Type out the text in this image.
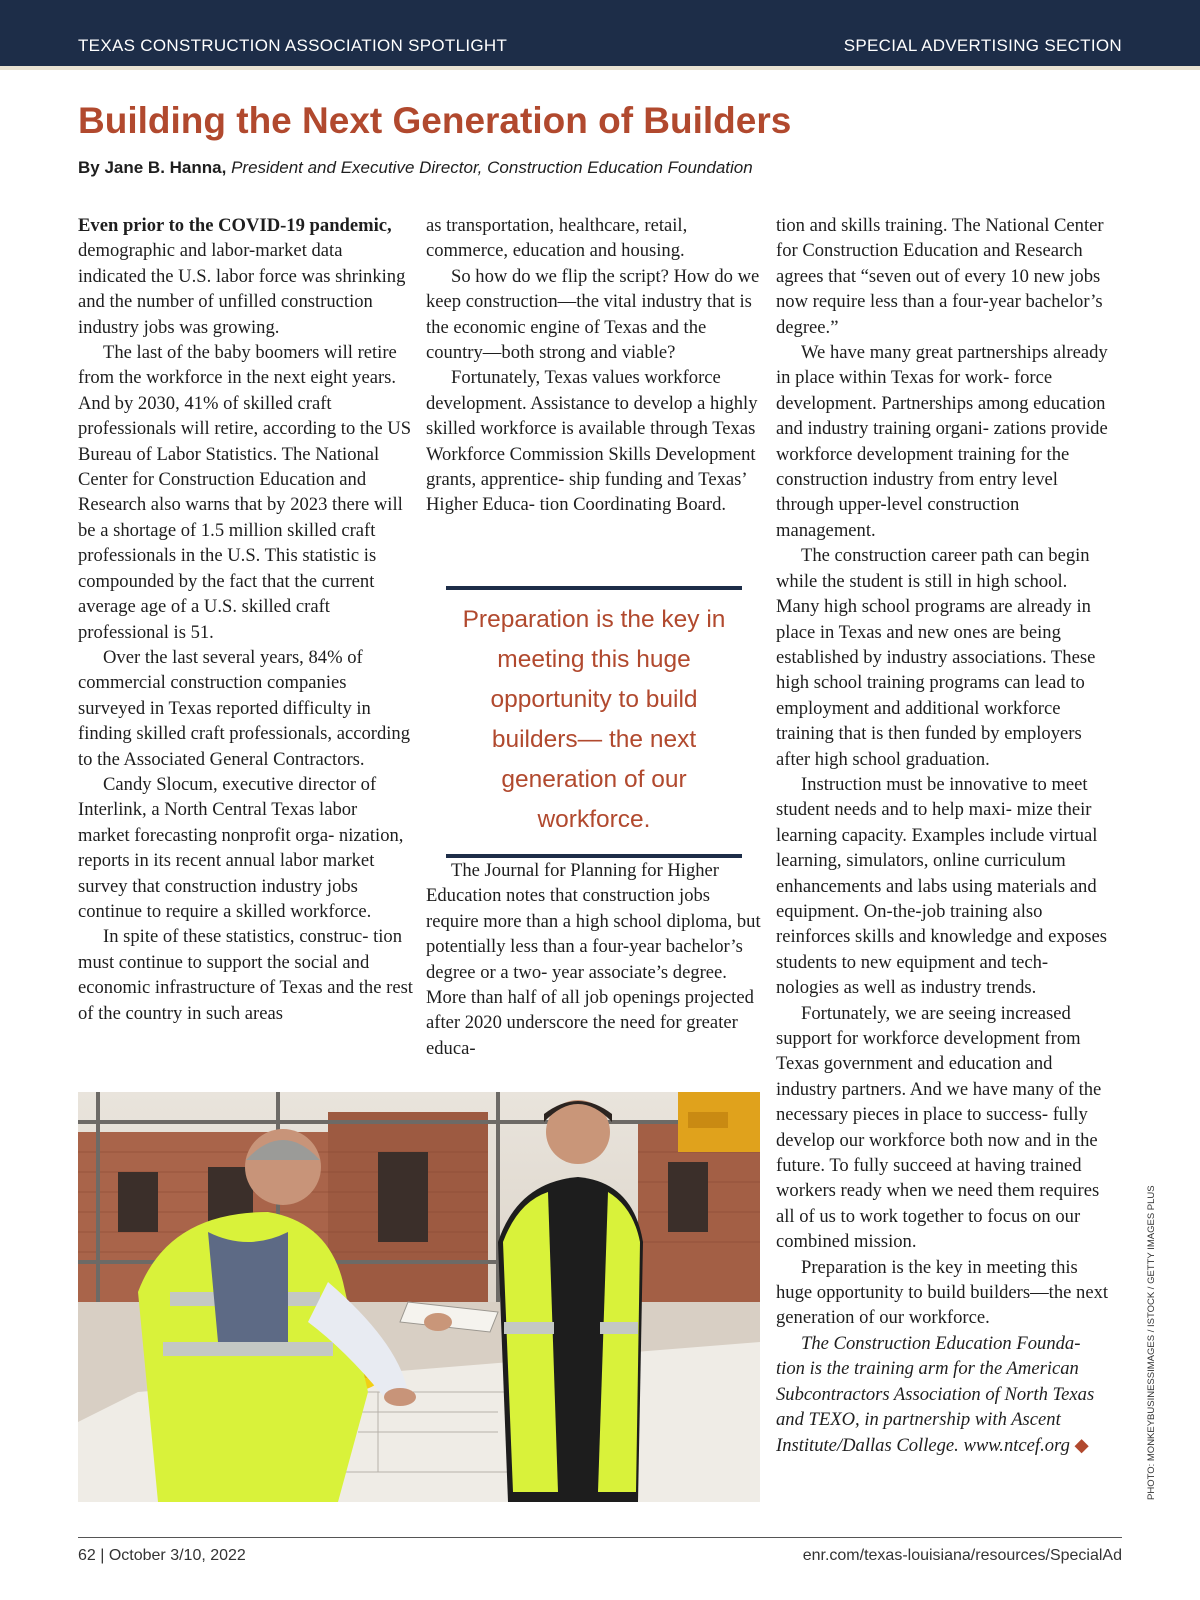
TEXAS CONSTRUCTION ASSOCIATION SPOTLIGHT	SPECIAL ADVERTISING SECTION
Building the Next Generation of Builders
By Jane B. Hanna, President and Executive Director, Construction Education Foundation

Even prior to the COVID-19 pandemic, demographic and labor-market data indicated the U.S. labor force was shrinking and the number of unfilled construction industry jobs was growing.

The last of the baby boomers will retire from the workforce in the next eight years. And by 2030, 41% of skilled craft professionals will retire, according to the US Bureau of Labor Statistics. The National Center for Construction Education and Research also warns that by 2023 there will be a shortage of 1.5 million skilled craft professionals in the U.S. This statistic is compounded by the fact that the current average age of a U.S. skilled craft professional is 51.

Over the last several years, 84% of commercial construction companies surveyed in Texas reported difficulty in finding skilled craft professionals, according to the Associated General Contractors.

Candy Slocum, executive director of Interlink, a North Central Texas labor market forecasting nonprofit orga- nization, reports in its recent annual labor market survey that construction industry jobs continue to require a skilled workforce.

In spite of these statistics, construc- tion must continue to support the social and economic infrastructure of Texas and the rest of the country in such areas

as transportation, healthcare, retail, commerce, education and housing.

So how do we flip the script? How do we keep construction—the vital industry that is the economic engine of Texas and the country—both strong and viable?

Fortunately, Texas values workforce development. Assistance to develop a highly skilled workforce is available through Texas Workforce Commission Skills Development grants, apprentice- ship funding and Texas’ Higher Educa- tion Coordinating Board.

Preparation is the key in meeting this huge opportunity to build builders— the next generation of our workforce.

The Journal for Planning for Higher Education notes that construction jobs require more than a high school diploma, but potentially less than a four-year bachelor’s degree or a two- year associate’s degree. More than half of all job openings projected after 2020 underscore the need for greater educa-

tion and skills training. The National Center for Construction Education and Research agrees that “seven out of every 10 new jobs now require less than a four-year bachelor’s degree.”

We have many great partnerships already in place within Texas for work- force development. Partnerships among education and industry training organi- zations provide workforce development training for the construction industry from entry level through upper-level construction management.

The construction career path can begin while the student is still in high school. Many high school programs are already in place in Texas and new ones are being established by industry associations. These high school training programs can lead to employment and additional workforce training that is then funded by employers after high school graduation.

Instruction must be innovative to meet student needs and to help maxi- mize their learning capacity. Examples include virtual learning, simulators, online curriculum enhancements and labs using materials and equipment. On-the-job training also reinforces skills and knowledge and exposes students to new equipment and tech- nologies as well as industry trends.

Fortunately, we are seeing increased support for workforce development from Texas government and education and industry partners. And we have many of the necessary pieces in place to success- fully develop our workforce both now and in the future. To fully succeed at having trained workers ready when we need them requires all of us to work together to focus on our combined mission.

Preparation is the key in meeting this huge opportunity to build builders—the next generation of our workforce.

The Construction Education Founda- tion is the training arm for the American Subcontractors Association of North Texas and TEXO, in partnership with Ascent Institute/Dallas College. www.ntcef.org ◆	PHOTO: MONKEYBUSINESSIMAGES / ISTOCK / GETTY IMAGES PLUS
62 | October 3/10, 2022	enr.com/texas-louisiana/resources/SpecialAd
